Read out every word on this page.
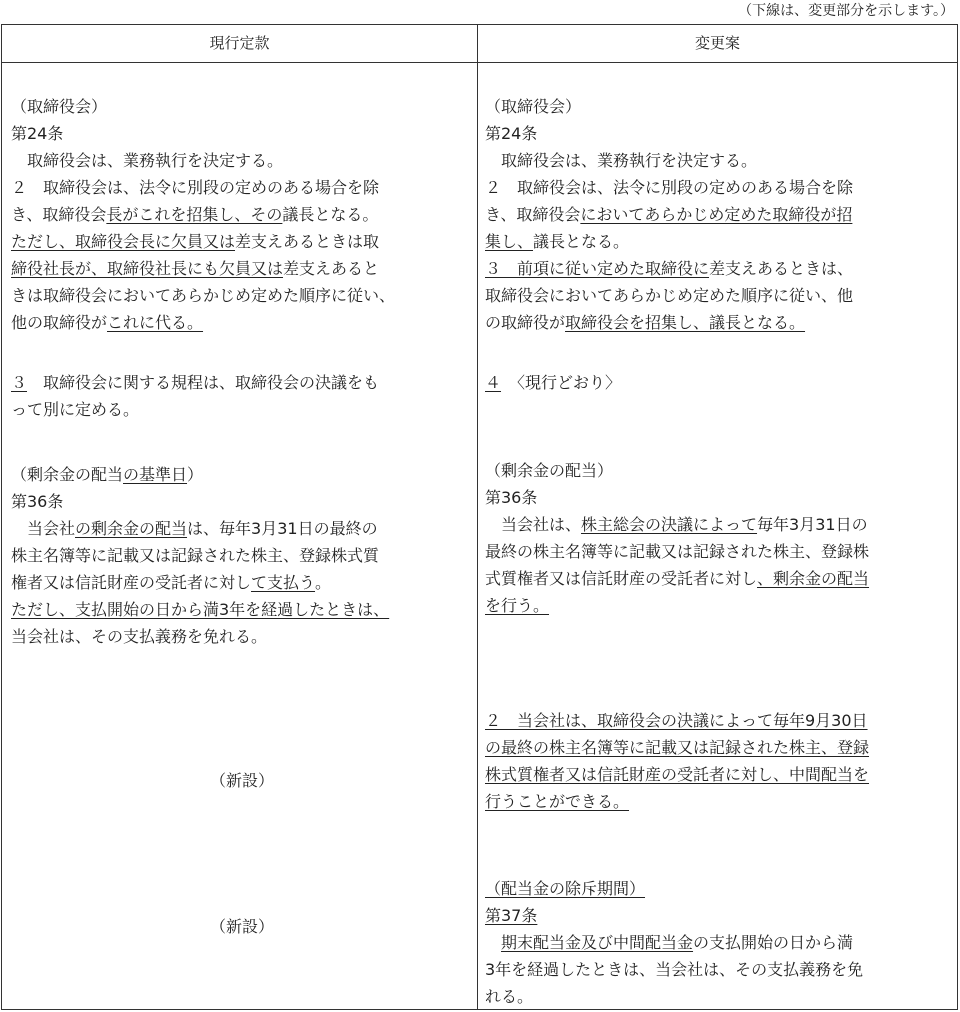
（下線は、変更部分を示します。）
現行定款	変更案
（取締役会）
第24条
　取締役会は、業務執行を決定する。
２　取締役会は、法令に別段の定めのある場合を除
き、取締役会長がこれを招集し、その議長となる。
ただし、取締役会長に欠員又は差支えあるときは取
締役社長が、取締役社長にも欠員又は差支えあると
きは取締役会においてあらかじめ定めた順序に従い、
他の取締役がこれに代る。
３　取締役会に関する規程は、取締役会の決議をも
って別に定める。
（剰余金の配当の基準日）
第36条
　当会社の剰余金の配当は、毎年3月31日の最終の
株主名簿等に記載又は記録された株主、登録株式質
権者又は信託財産の受託者に対して支払う。
ただし、支払開始の日から満3年を経過したときは、
当会社は、その支払義務を免れる。
（新設）
（新設）
（取締役会）
第24条
　取締役会は、業務執行を決定する。
２　取締役会は、法令に別段の定めのある場合を除
き、取締役会においてあらかじめ定めた取締役が招
集し、議長となる。
３　前項に従い定めた取締役に差支えあるときは、
取締役会においてあらかじめ定めた順序に従い、他
の取締役が取締役会を招集し、議長となる。
４　〈現行どおり〉
（剰余金の配当）
第36条
　当会社は、株主総会の決議によって毎年3月31日の
最終の株主名簿等に記載又は記録された株主、登録株
式質権者又は信託財産の受託者に対し、剰余金の配当
を行う。
２　当会社は、取締役会の決議によって毎年9月30日
の最終の株主名簿等に記載又は記録された株主、登録
株式質権者又は信託財産の受託者に対し、中間配当を
行うことができる。
（配当金の除斥期間）
第37条
　期末配当金及び中間配当金の支払開始の日から満
3年を経過したときは、当会社は、その支払義務を免
れる。
